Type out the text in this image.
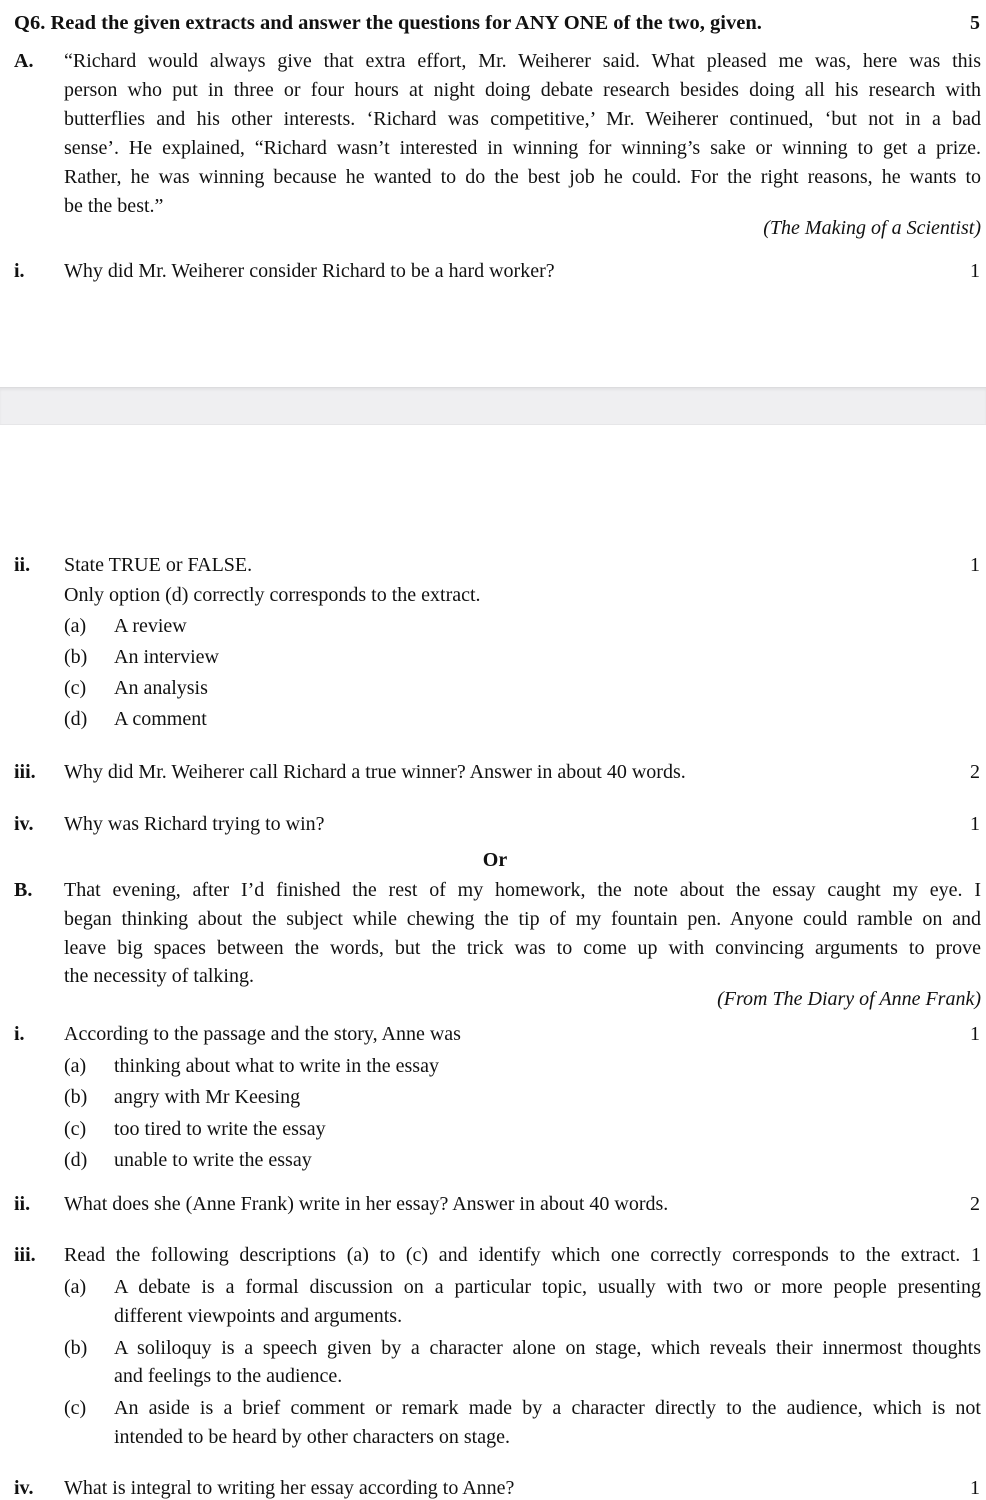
Q6. Read the given extracts and answer the questions for ANY ONE of the two, given.	5
A. “Richard would always give that extra effort, Mr. Weiherer said. What pleased me was, here was this
person who put in three or four hours at night doing debate research besides doing all his research with
butterflies and his other interests. ‘Richard was competitive,’ Mr. Weiherer continued, ‘but not in a bad
sense’. He explained, “Richard wasn’t interested in winning for winning’s sake or winning to get a prize.
Rather, he was winning because he wanted to do the best job he could. For the right reasons, he wants to
be the best.”
(The Making of a Scientist)
i. Why did Mr. Weiherer consider Richard to be a hard worker?	1
ii. State TRUE or FALSE.	1
Only option (d) correctly corresponds to the extract.
(a) A review
(b) An interview
(c) An analysis
(d) A comment
iii. Why did Mr. Weiherer call Richard a true winner? Answer in about 40 words.	2
iv. Why was Richard trying to win?	1
Or
B. That evening, after I’d finished the rest of my homework, the note about the essay caught my eye. I
began thinking about the subject while chewing the tip of my fountain pen. Anyone could ramble on and
leave big spaces between the words, but the trick was to come up with convincing arguments to prove
the necessity of talking.
(From The Diary of Anne Frank)
i. According to the passage and the story, Anne was	1
(a) thinking about what to write in the essay
(b) angry with Mr Keesing
(c) too tired to write the essay
(d) unable to write the essay
ii. What does she (Anne Frank) write in her essay? Answer in about 40 words.	2
iii. Read the following descriptions (a) to (c) and identify which one correctly corresponds to the extract. 1
(a) A debate is a formal discussion on a particular topic, usually with two or more people presenting
different viewpoints and arguments.
(b) A soliloquy is a speech given by a character alone on stage, which reveals their innermost thoughts
and feelings to the audience.
(c) An aside is a brief comment or remark made by a character directly to the audience, which is not
intended to be heard by other characters on stage.
iv. What is integral to writing her essay according to Anne?	1
